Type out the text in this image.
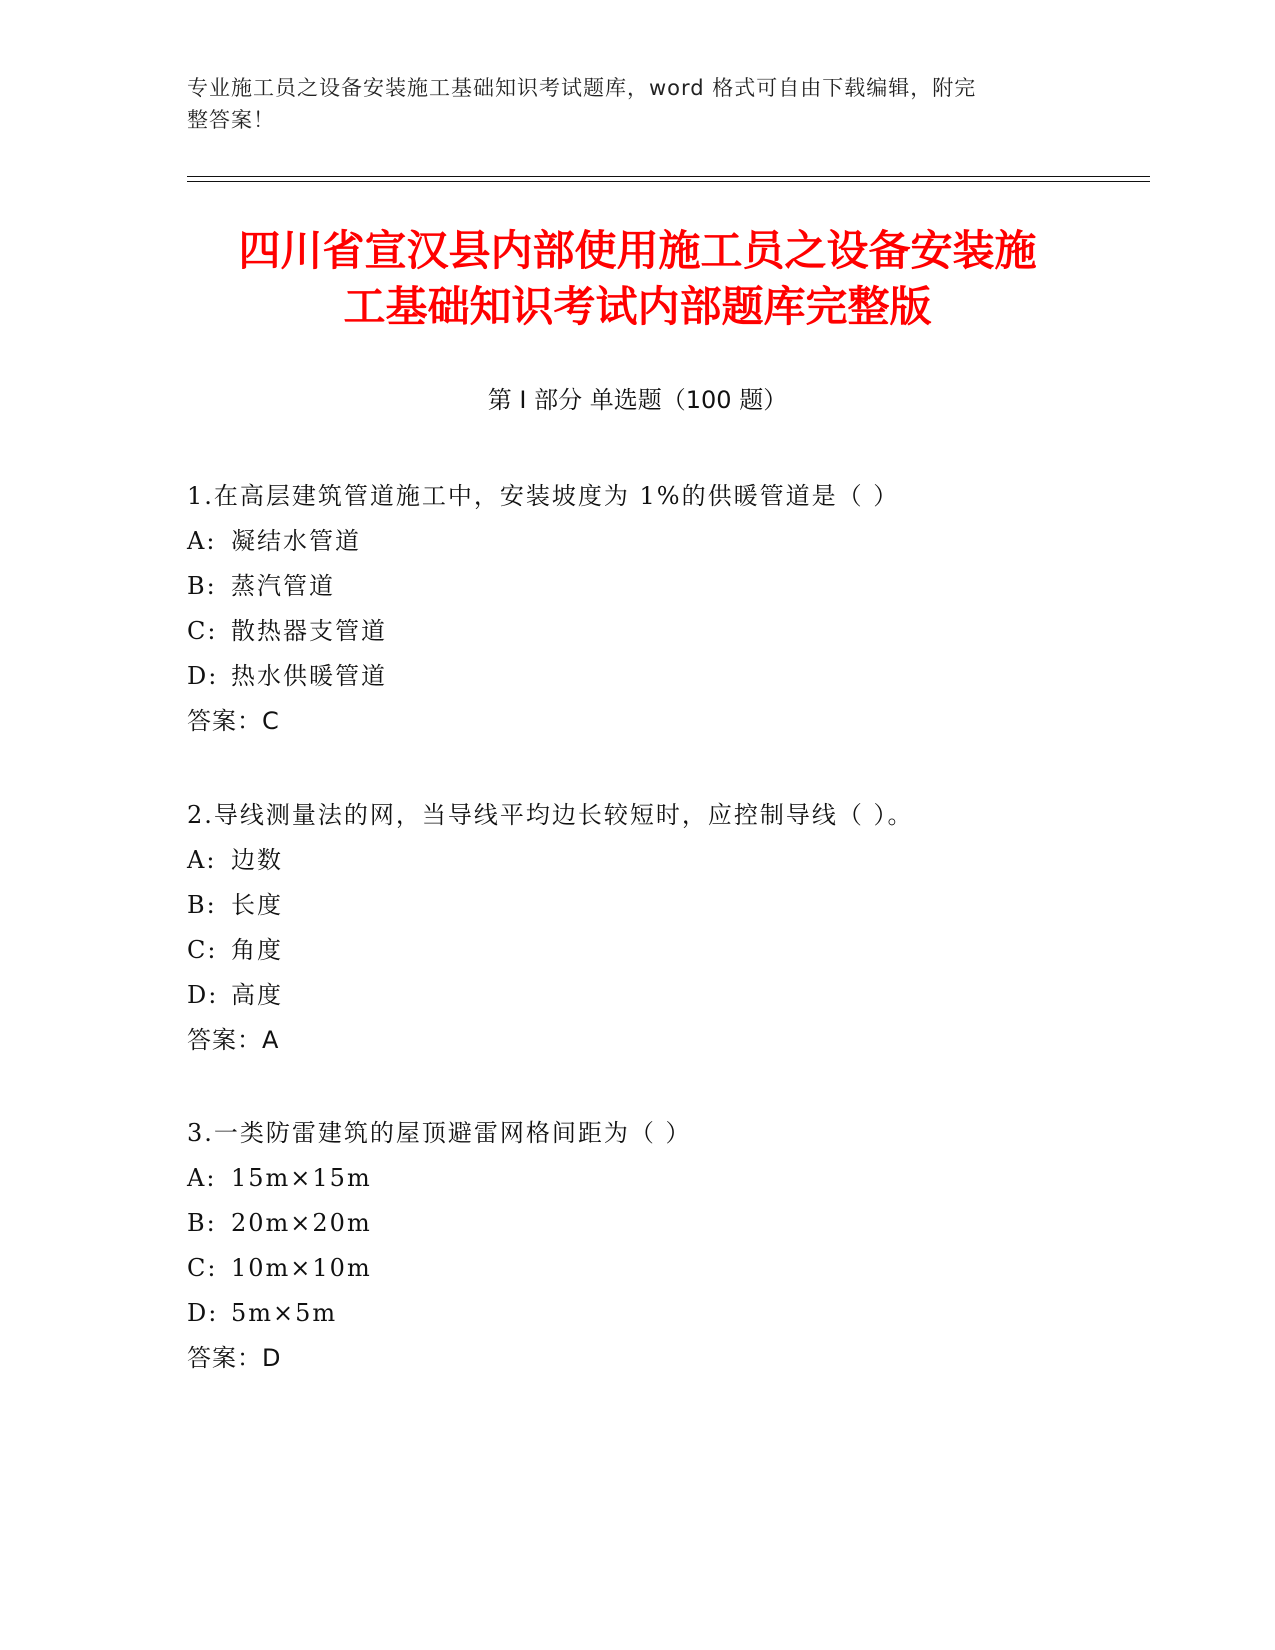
专业施工员之设备安装施工基础知识考试题库，word 格式可自由下载编辑，附完
整答案！
四川省宣汉县内部使用施工员之设备安装施
工基础知识考试内部题库完整版
第 I 部分 单选题（100 题）
1.在高层建筑管道施工中，安装坡度为 1%的供暖管道是（ ）
A: 凝结水管道
B: 蒸汽管道
C: 散热器支管道
D: 热水供暖管道
答案：C
2.导线测量法的网，当导线平均边长较短时，应控制导线（ ）。
A: 边数
B: 长度
C: 角度
D: 高度
答案：A
3.一类防雷建筑的屋顶避雷网格间距为（ ）
A: 15m×15m
B: 20m×20m
C: 10m×10m
D: 5m×5m
答案：D
